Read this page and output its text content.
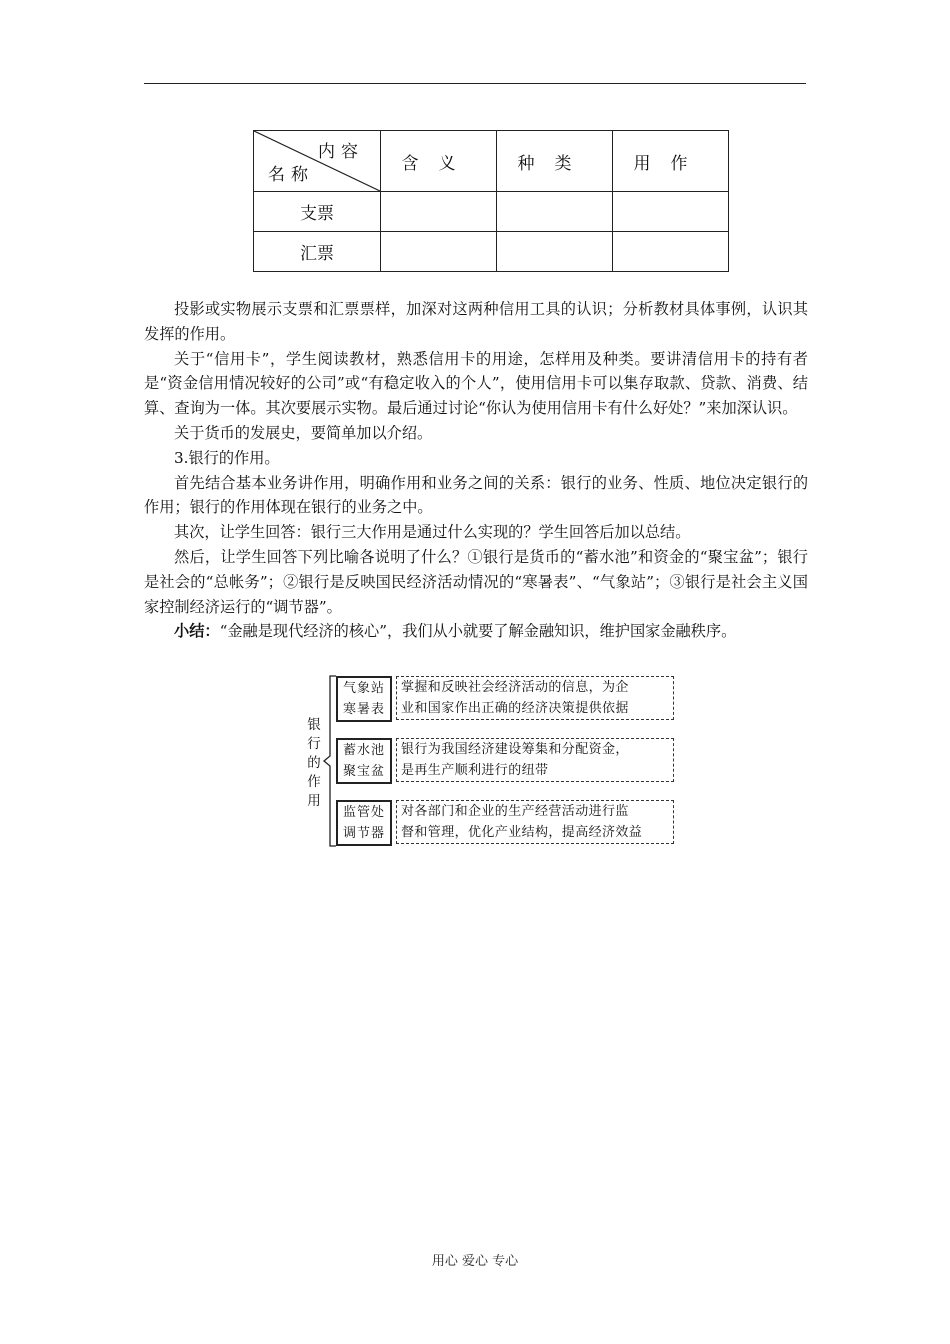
内容
名称	含义	种类	用作
支票			
汇票			

投影或实物展示支票和汇票票样，加深对这两种信用工具的认识；分析教材具体事例，认识其发挥的作用。

关于“信用卡”，学生阅读教材，熟悉信用卡的用途，怎样用及种类。要讲清信用卡的持有者是“资金信用情况较好的公司”或“有稳定收入的个人”，使用信用卡可以集存取款、贷款、消费、结算、查询为一体。其次要展示实物。最后通过讨论“你认为使用信用卡有什么好处？”来加深认识。

关于货币的发展史，要简单加以介绍。

3.银行的作用。

首先结合基本业务讲作用，明确作用和业务之间的关系：银行的业务、性质、地位决定银行的作用；银行的作用体现在银行的业务之中。

其次，让学生回答：银行三大作用是通过什么实现的？学生回答后加以总结。

然后，让学生回答下列比喻各说明了什么？①银行是货币的“蓄水池”和资金的“聚宝盆”；银行是社会的“总帐务”；②银行是反映国民经济活动情况的“寒暑表”、“气象站”；③银行是社会主义国家控制经济运行的“调节器”。

小结：“金融是现代经济的核心”，我们从小就要了解金融知识，维护国家金融秩序。

银
行
的
作
用
气象站
寒暑表
掌握和反映社会经济活动的信息，为企
业和国家作出正确的经济决策提供依据
蓄水池
聚宝盆
银行为我国经济建设筹集和分配资金，
是再生产顺利进行的纽带
监管处
调节器
对各部门和企业的生产经营活动进行监
督和管理，优化产业结构，提高经济效益
用心 爱心 专心
